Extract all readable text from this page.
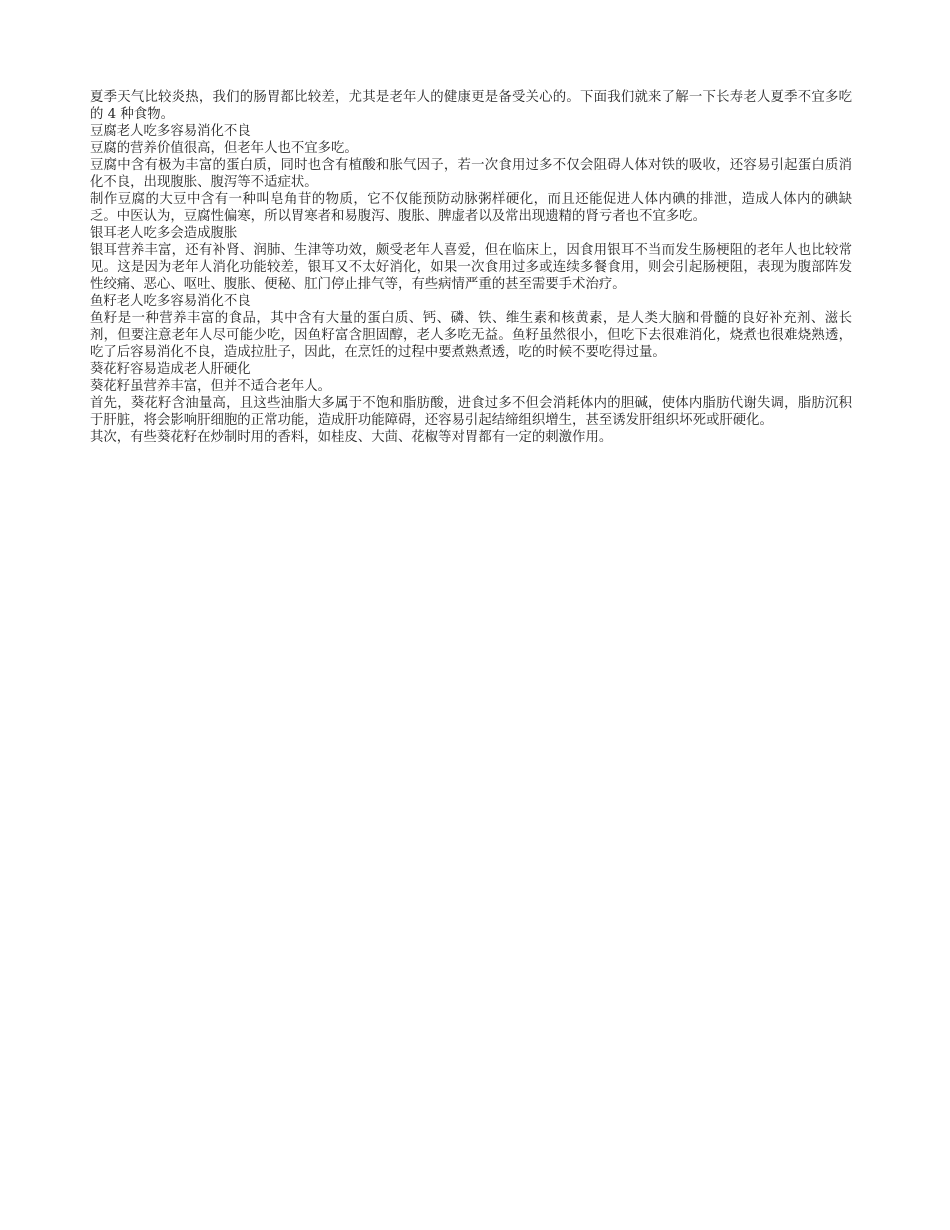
夏季天气比较炎热，我们的肠胃都比较差，尤其是老年人的健康更是备受关心的。下面我们就来了解一下长寿老人夏季不宜多吃的 4 种食物。

豆腐老人吃多容易消化不良

豆腐的营养价值很高，但老年人也不宜多吃。

豆腐中含有极为丰富的蛋白质，同时也含有植酸和胀气因子，若一次食用过多不仅会阻碍人体对铁的吸收，还容易引起蛋白质消化不良，出现腹胀、腹泻等不适症状。

制作豆腐的大豆中含有一种叫皂角苷的物质，它不仅能预防动脉粥样硬化，而且还能促进人体内碘的排泄，造成人体内的碘缺乏。中医认为，豆腐性偏寒，所以胃寒者和易腹泻、腹胀、脾虚者以及常出现遗精的肾亏者也不宜多吃。

银耳老人吃多会造成腹胀

银耳营养丰富，还有补肾、润肺、生津等功效，颇受老年人喜爱，但在临床上，因食用银耳不当而发生肠梗阻的老年人也比较常见。这是因为老年人消化功能较差，银耳又不太好消化，如果一次食用过多或连续多餐食用，则会引起肠梗阻，表现为腹部阵发性绞痛、恶心、呕吐、腹胀、便秘、肛门停止排气等，有些病情严重的甚至需要手术治疗。

鱼籽老人吃多容易消化不良

鱼籽是一种营养丰富的食品，其中含有大量的蛋白质、钙、磷、铁、维生素和核黄素，是人类大脑和骨髓的良好补充剂、滋长剂，但要注意老年人尽可能少吃，因鱼籽富含胆固醇，老人多吃无益。鱼籽虽然很小，但吃下去很难消化，烧煮也很难烧熟透，吃了后容易消化不良，造成拉肚子，因此，在烹饪的过程中要煮熟煮透，吃的时候不要吃得过量。

葵花籽容易造成老人肝硬化

葵花籽虽营养丰富，但并不适合老年人。

首先，葵花籽含油量高，且这些油脂大多属于不饱和脂肪酸，进食过多不但会消耗体内的胆碱，使体内脂肪代谢失调，脂肪沉积于肝脏，将会影响肝细胞的正常功能，造成肝功能障碍，还容易引起结缔组织增生，甚至诱发肝组织坏死或肝硬化。

其次，有些葵花籽在炒制时用的香料，如桂皮、大茴、花椒等对胃都有一定的刺激作用。
